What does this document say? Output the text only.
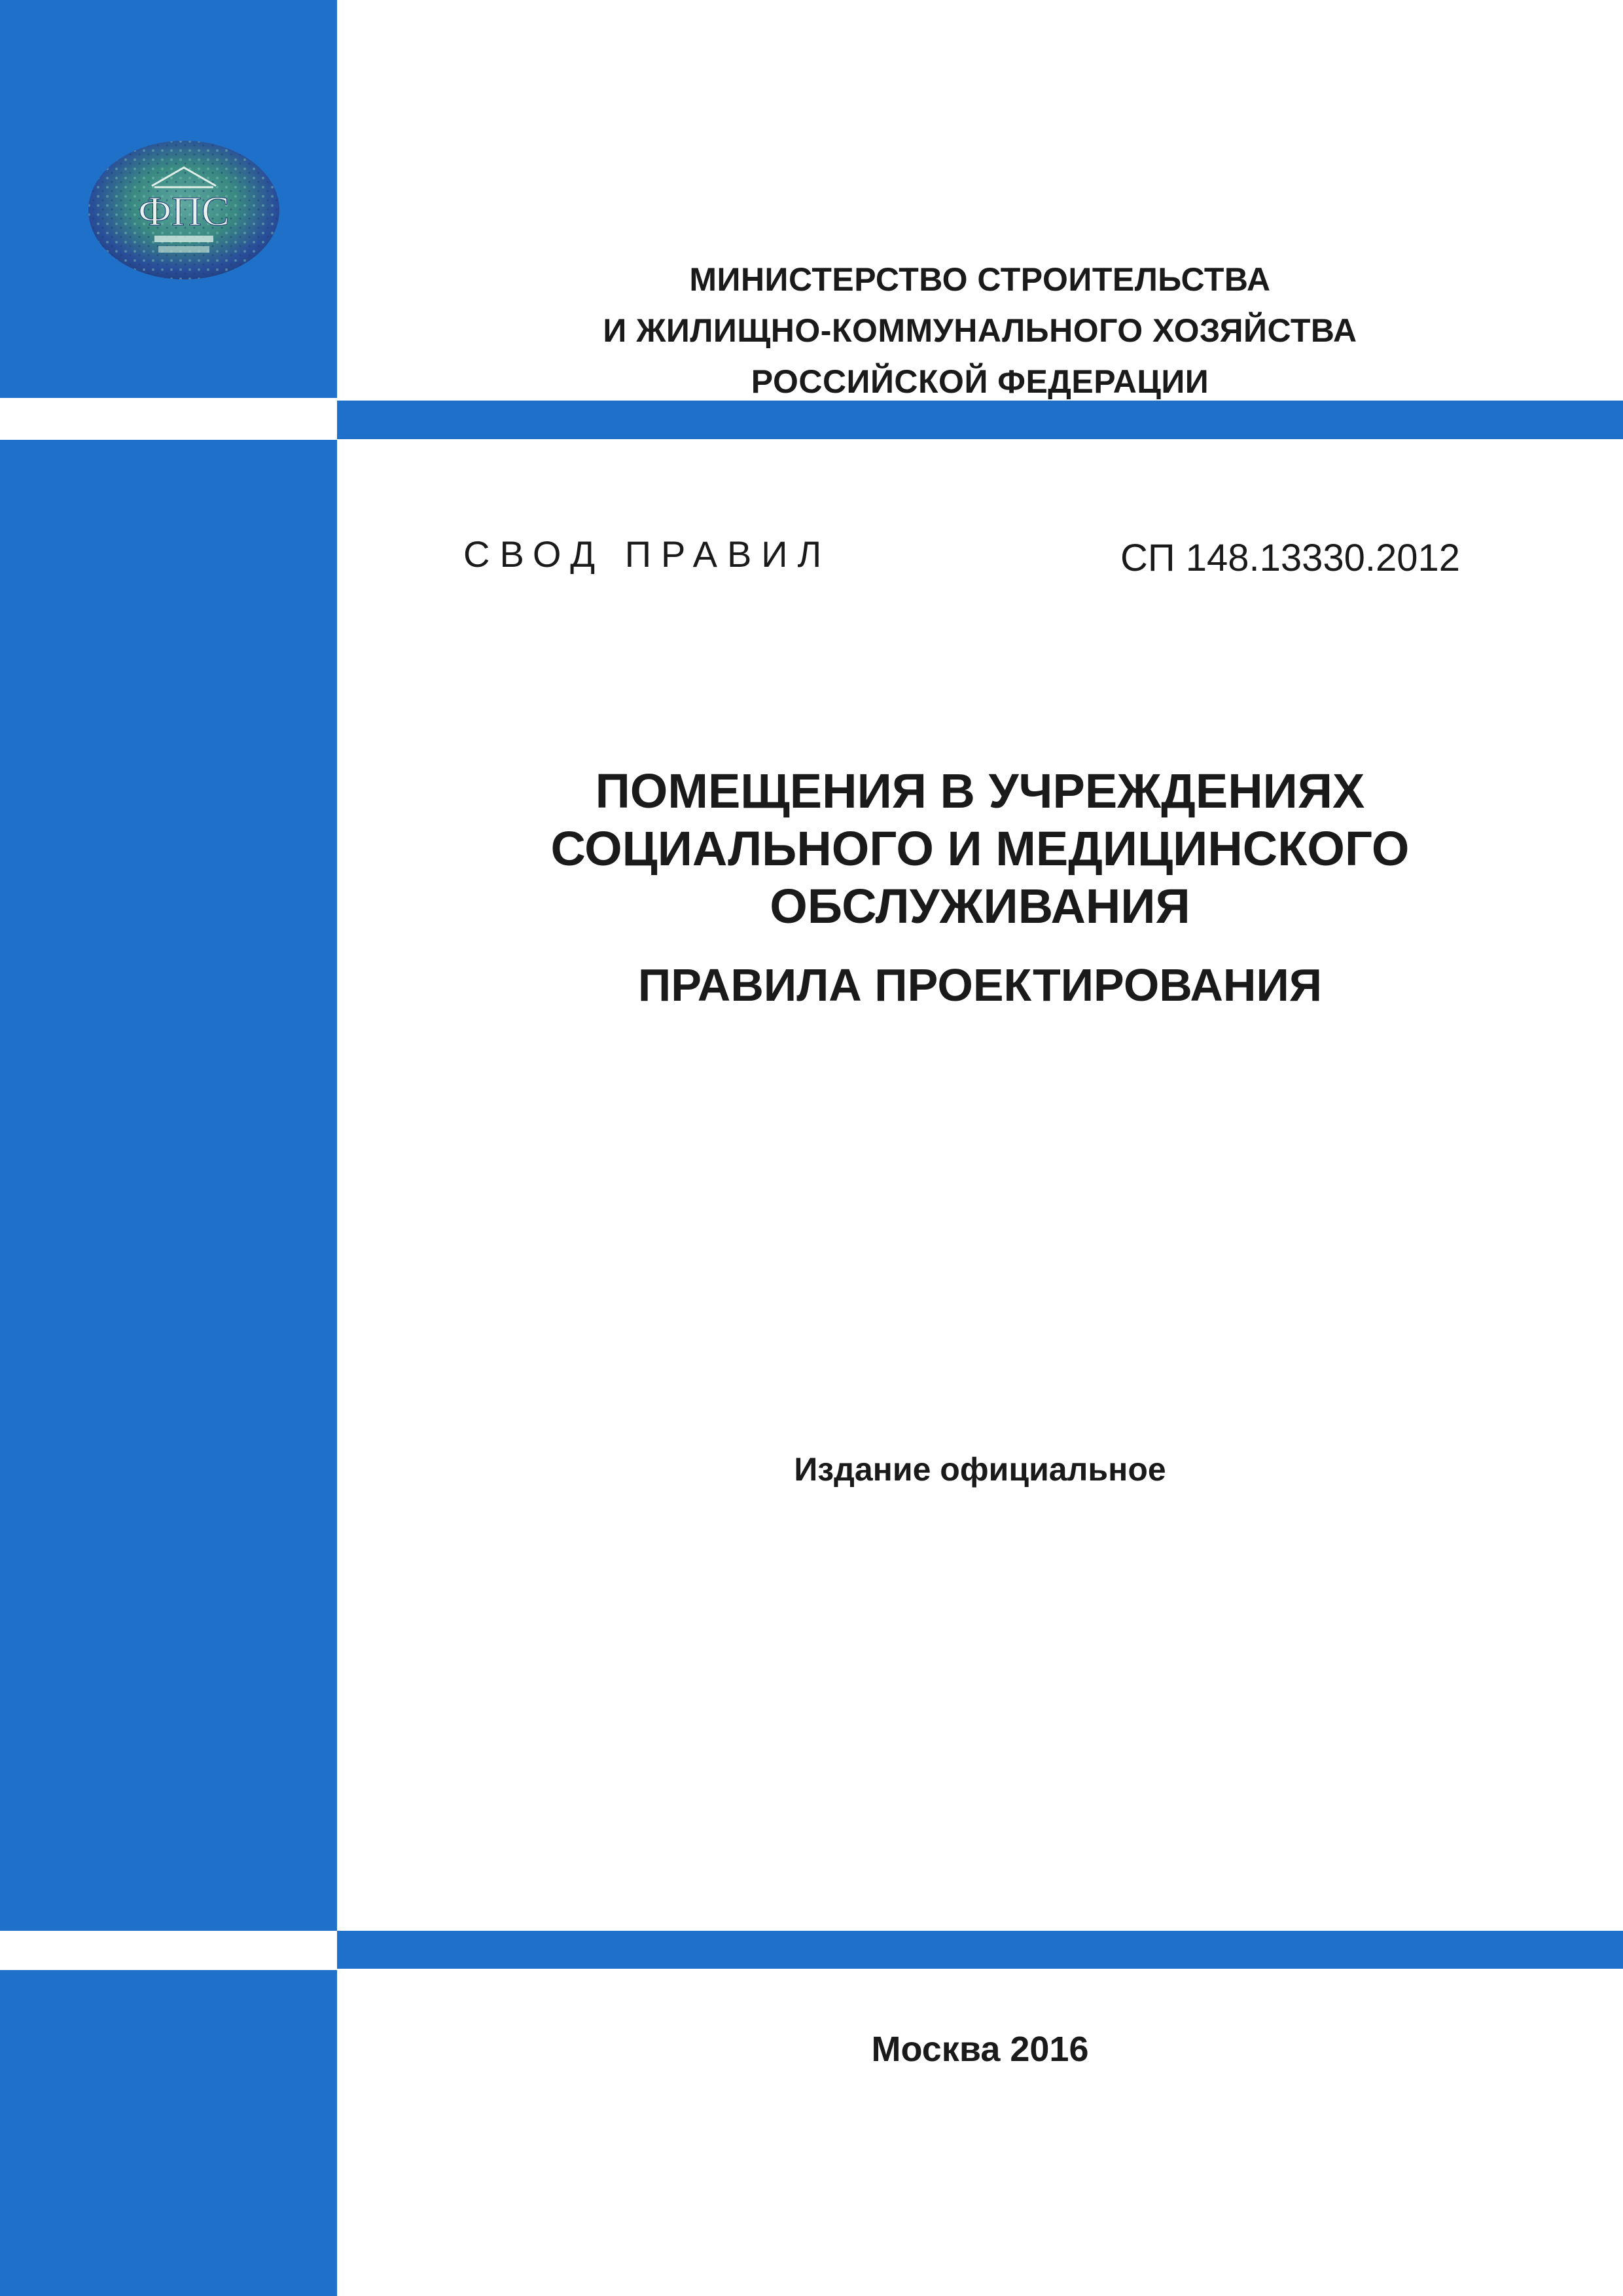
ФПС
МИНИСТЕРСТВО СТРОИТЕЛЬСТВА
И ЖИЛИЩНО-КОММУНАЛЬНОГО ХОЗЯЙСТВА
РОССИЙСКОЙ ФЕДЕРАЦИИ
СВОД ПРАВИЛ	СП 148.13330.2012
ПОМЕЩЕНИЯ В УЧРЕЖДЕНИЯХ
СОЦИАЛЬНОГО И МЕДИЦИНСКОГО
ОБСЛУЖИВАНИЯ
ПРАВИЛА ПРОЕКТИРОВАНИЯ
Издание официальное
Москва 2016
